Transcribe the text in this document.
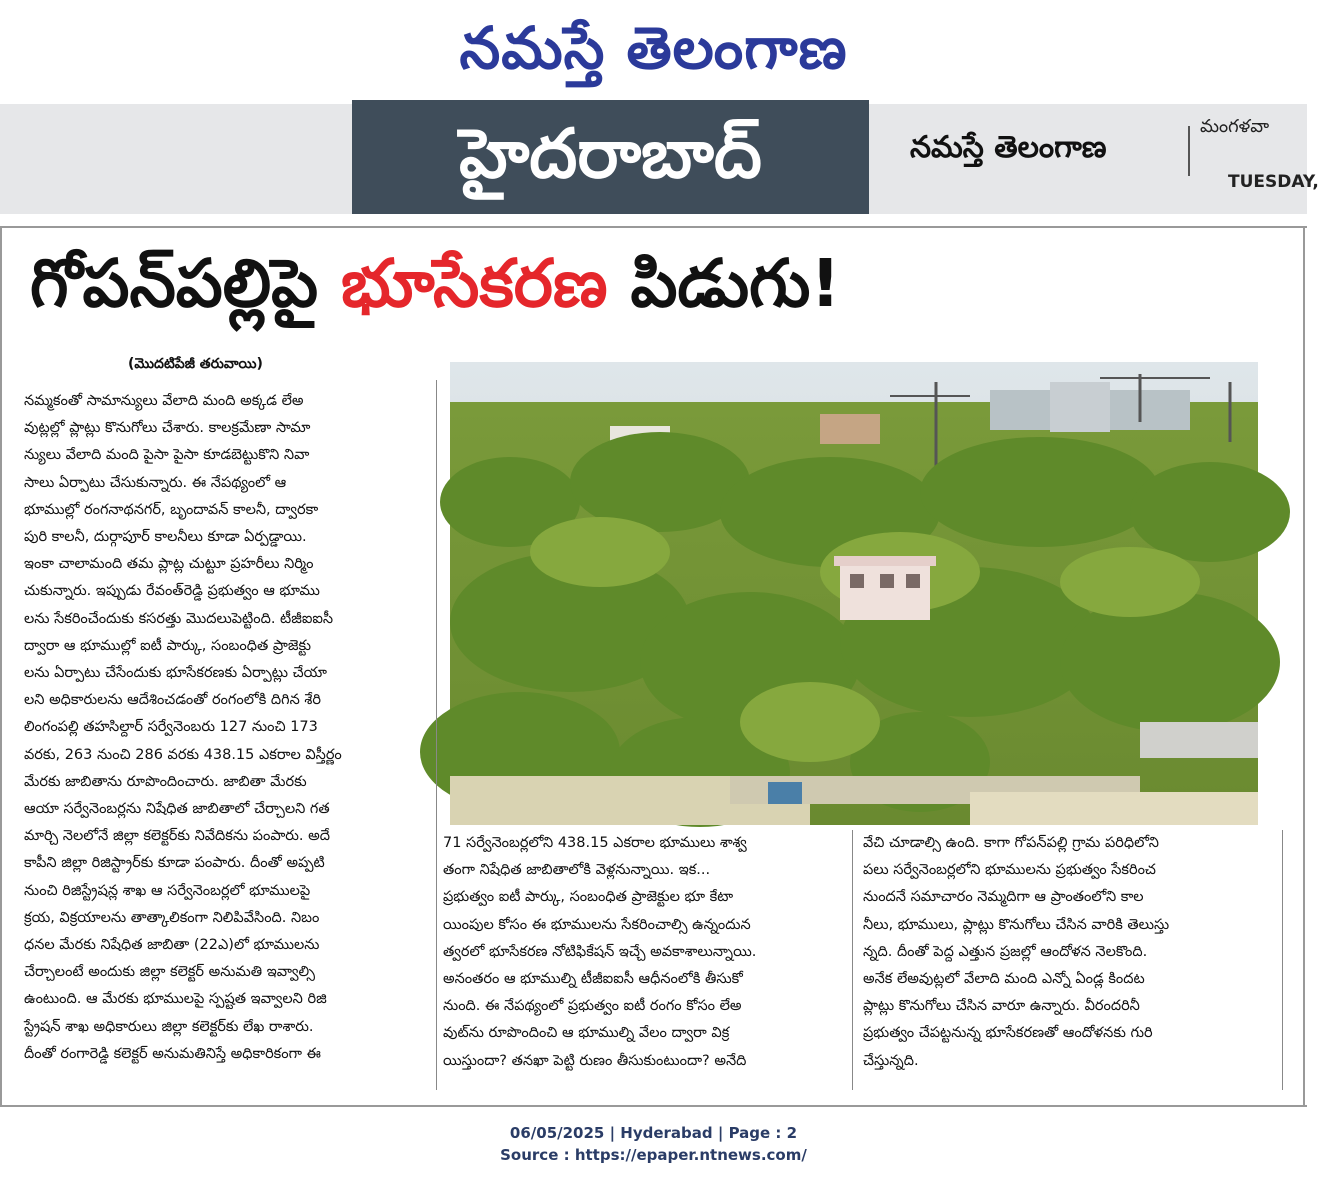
నమస్తే తెలంగాణ
హైదరాబాద్	నమస్తే తెలంగాణ
మంగళవా
TUESDAY,
గోపన్‌పల్లిపై భూసేకరణ పిడుగు!
(మొదటిపేజీ తరువాయి)

నమ్మకంతో సామాన్యులు వేలాది మంది అక్కడ లేఅ

వుట్లల్లో ప్లాట్లు కొనుగోలు చేశారు. కాలక్రమేణా సామా

న్యులు వేలాది మంది పైసా పైసా కూడబెట్టుకొని నివా

సాలు ఏర్పాటు చేసుకున్నారు. ఈ నేపథ్యంలో ఆ

భూముల్లో రంగనాథనగర్, బృందావన్ కాలనీ, ద్వారకా

పురి కాలనీ, దుర్గాపూర్ కాలనీలు కూడా ఏర్పడ్డాయి.

ఇంకా చాలామంది తమ ప్లాట్ల చుట్టూ ప్రహరీలు నిర్మిం

చుకున్నారు. ఇప్పుడు రేవంత్‌రెడ్డి ప్రభుత్వం ఆ భూము

లను సేకరించేందుకు కసరత్తు మొదలుపెట్టింది. టీజీఐఐసీ

ద్వారా ఆ భూముల్లో ఐటీ పార్కు, సంబంధిత ప్రాజెక్టు

లను ఏర్పాటు చేసేందుకు భూసేకరణకు ఏర్పాట్లు చేయా

లని అధికారులను ఆదేశించడంతో రంగంలోకి దిగిన శేరి

లింగంపల్లి తహసిల్దార్ సర్వేనెంబరు 127 నుంచి 173

వరకు, 263 నుంచి 286 వరకు 438.15 ఎకరాల విస్తీర్ణం

మేరకు జాబితాను రూపొందించారు. జాబితా మేరకు

ఆయా సర్వేనెంబర్లను నిషేధిత జాబితాలో చేర్చాలని గత

మార్చి నెలలోనే జిల్లా కలెక్టర్‌కు నివేదికను పంపారు. అదే

కాపీని జిల్లా రిజిస్ట్రార్‌కు కూడా పంపారు. దీంతో అప్పటి

నుంచి రిజిస్ట్రేషన్ల శాఖ ఆ సర్వేనెంబర్లలో భూములపై

క్రయ, విక్రయాలను తాత్కాలికంగా నిలిపివేసింది. నిబం

ధనల మేరకు నిషేధిత జాబితా (22ఎ)లో భూములను

చేర్చాలంటే అందుకు జిల్లా కలెక్టర్ అనుమతి ఇవ్వాల్సి

ఉంటుంది. ఆ మేరకు భూములపై స్పష్టత ఇవ్వాలని రిజి

స్ట్రేషన్ శాఖ అధికారులు జిల్లా కలెక్టర్‌కు లేఖ రాశారు.

దీంతో రంగారెడ్డి కలెక్టర్ అనుమతినిస్తే అధికారికంగా ఈ

71 సర్వేనెంబర్లలోని 438.15 ఎకరాల భూములు శాశ్వ

తంగా నిషేధిత జాబితాలోకి వెళ్లనున్నాయి. ఇక...

ప్రభుత్వం ఐటీ పార్కు, సంబంధిత ప్రాజెక్టుల భూ కేటా

యింపుల కోసం ఈ భూములను సేకరించాల్సి ఉన్నందున

త్వరలో భూసేకరణ నోటిఫికేషన్ ఇచ్చే అవకాశాలున్నాయి.

అనంతరం ఆ భూముల్ని టీజీఐఐసీ ఆధీనంలోకి తీసుకో

నుంది. ఈ నేపథ్యంలో ప్రభుత్వం ఐటీ రంగం కోసం లేఅ

వుట్‌ను రూపొందించి ఆ భూముల్ని వేలం ద్వారా విక్ర

యిస్తుందా? తనఖా పెట్టి రుణం తీసుకుంటుందా? అనేది

వేచి చూడాల్సి ఉంది. కాగా గోపన్‌పల్లి గ్రామ పరిధిలోని

పలు సర్వేనెంబర్లలోని భూములను ప్రభుత్వం సేకరించ

నుందనే సమాచారం నెమ్మదిగా ఆ ప్రాంతంలోని కాల

నీలు, భూములు, ప్లాట్లు కొనుగోలు చేసిన వారికి తెలుస్తు

న్నది. దీంతో పెద్ద ఎత్తున ప్రజల్లో ఆందోళన నెలకొంది.

అనేక లేఅవుట్లలో వేలాది మంది ఎన్నో ఏండ్ల కిందట

ప్లాట్లు కొనుగోలు చేసిన వారూ ఉన్నారు. వీరందరినీ

ప్రభుత్వం చేపట్టనున్న భూసేకరణతో ఆందోళనకు గురి

చేస్తున్నది.

06/05/2025 | Hyderabad | Page : 2
Source : https://epaper.ntnews.com/
